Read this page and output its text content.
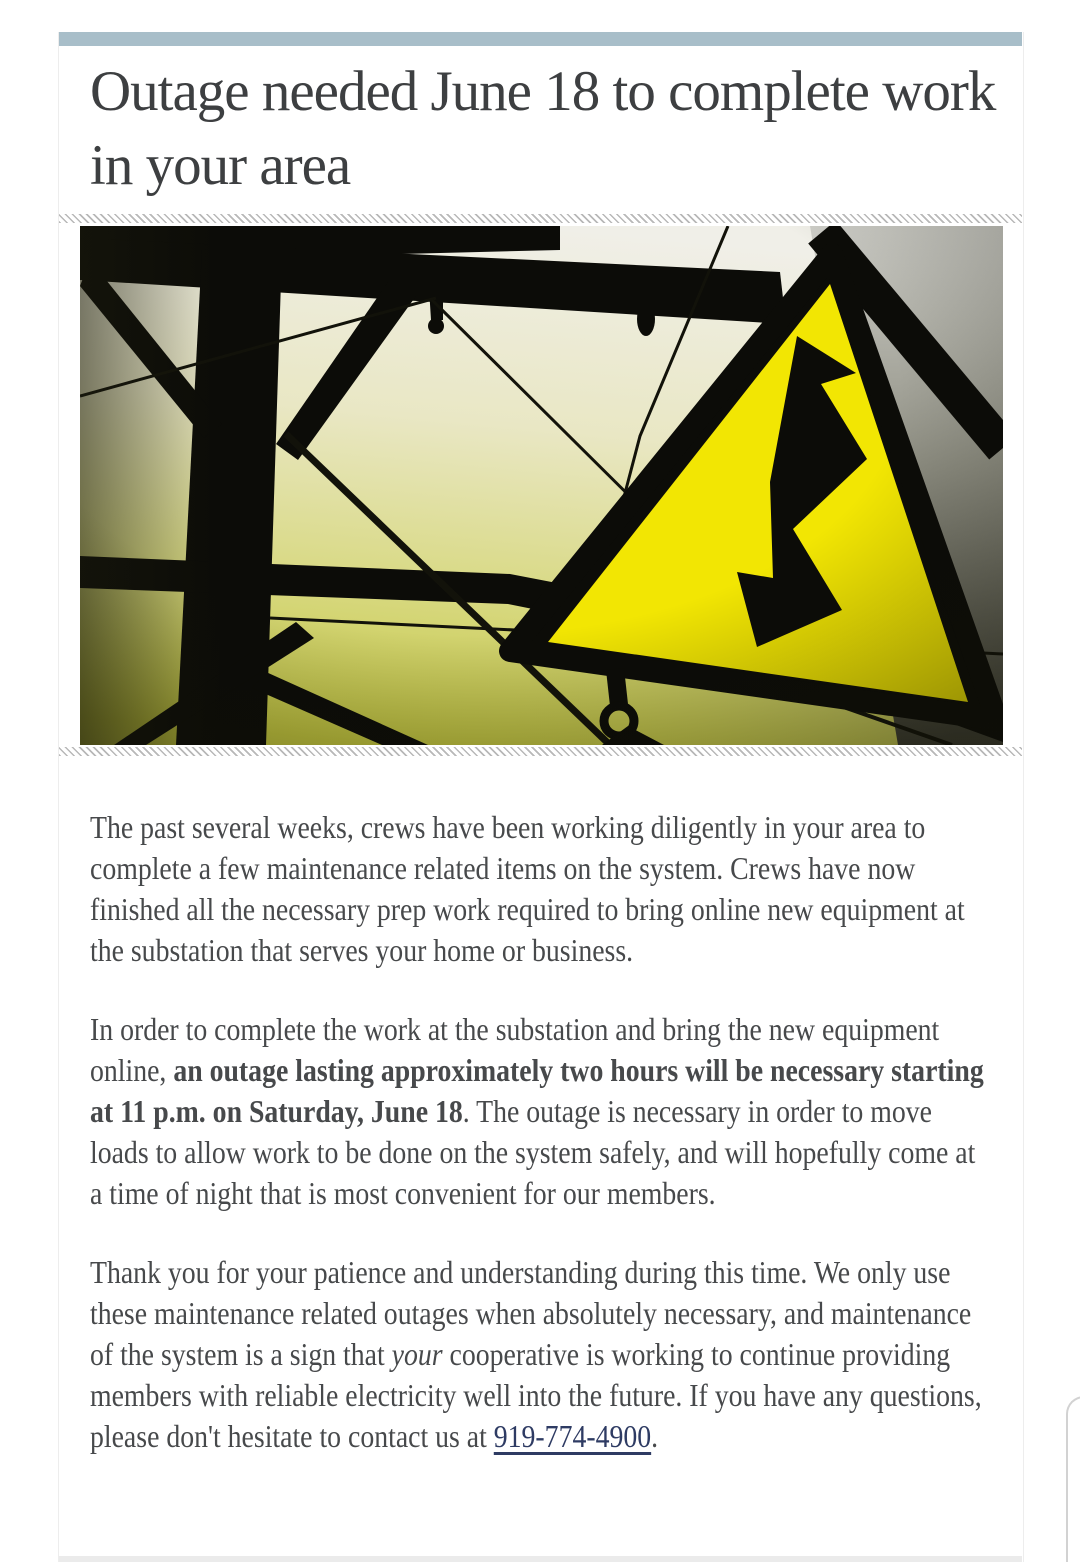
Outage needed June 18 to complete work in your area

The past several weeks, crews have been working diligently in your area to complete a few maintenance related items on the system. Crews have now finished all the necessary prep work required to bring online new equipment at the substation that serves your home or business.

In order to complete the work at the substation and bring the new equipment online, an outage lasting approximately two hours will be necessary starting at 11 p.m. on Saturday, June 18. The outage is necessary in order to move loads to allow work to be done on the system safely, and will hopefully come at a time of night that is most convenient for our members.

Thank you for your patience and understanding during this time. We only use these maintenance related outages when absolutely necessary, and maintenance of the system is a sign that your cooperative is working to continue providing members with reliable electricity well into the future. If you have any questions, please don't hesitate to contact us at 919-774-4900.
